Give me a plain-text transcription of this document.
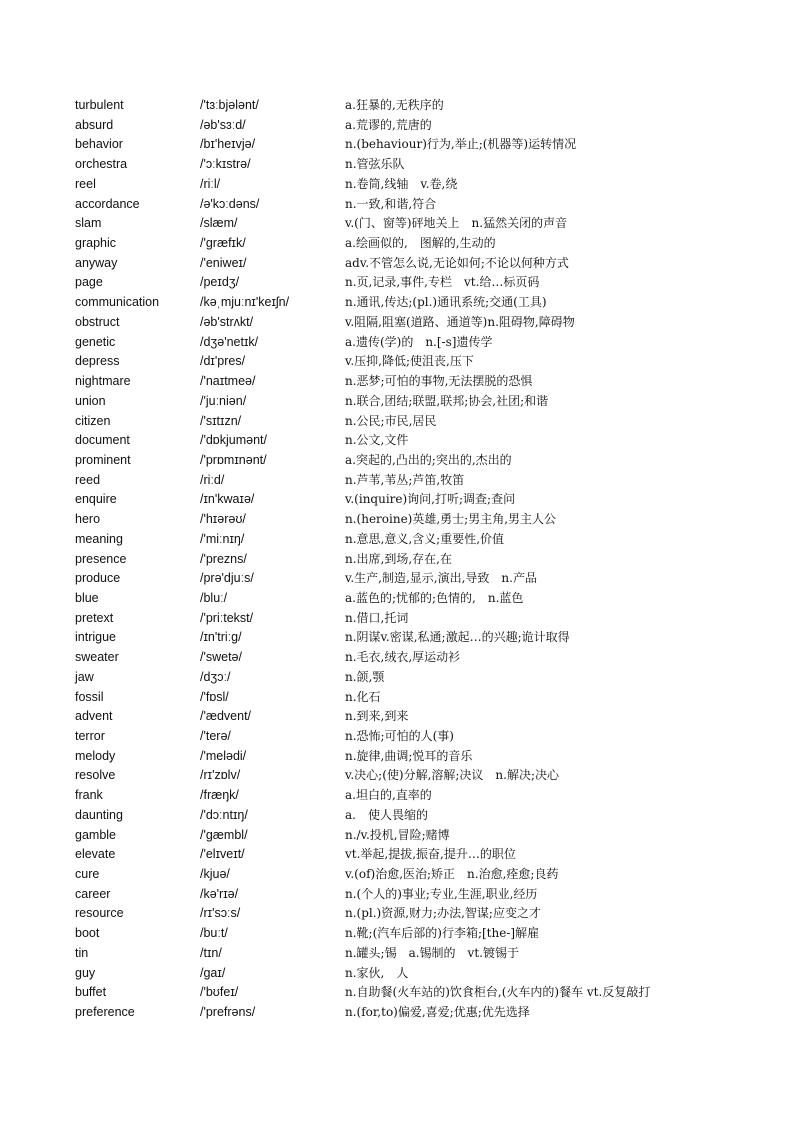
turbulent	/'tɜːbjələnt/	a.狂暴的,无秩序的
absurd	/əb'sɜːd/	a.荒谬的,荒唐的
behavior	/bɪ'heɪvjə/	n.(behaviour)行为,举止;(机器等)运转情况
orchestra	/'ɔːkɪstrə/	n.管弦乐队
reel	/riːl/	n.卷筒,线轴　v.卷,绕
accordance	/ə'kɔːdəns/	n.一致,和谐,符合
slam	/slæm/	v.(门、窗等)砰地关上　n.猛然关闭的声音
graphic	/'græfɪk/	a.绘画似的,　图解的,生动的
anyway	/'eniweɪ/	adv.不管怎么说,无论如何;不论以何种方式
page	/peɪdʒ/	n.页,记录,事件,专栏　vt.给…标页码
communication	/kəˌmjuːnɪ'keɪʃn/	n.通讯,传达;(pl.)通讯系统;交通(工具)
obstruct	/əb'strʌkt/	v.阻隔,阻塞(道路、通道等)n.阻碍物,障碍物
genetic	/dʒə'netɪk/	a.遗传(学)的　n.[-s]遗传学
depress	/dɪ'pres/	v.压抑,降低;使沮丧,压下
nightmare	/'naɪtmeə/	n.恶梦;可怕的事物,无法摆脱的恐惧
union	/'juːniən/	n.联合,团结;联盟,联邦;协会,社团;和谐
citizen	/'sɪtɪzn/	n.公民;市民,居民
document	/'dɒkjumənt/	n.公文,文件
prominent	/'prɒmɪnənt/	a.突起的,凸出的;突出的,杰出的
reed	/riːd/	n.芦苇,苇丛;芦笛,牧笛
enquire	/ɪn'kwaɪə/	v.(inquire)询问,打听;调查;查问
hero	/'hɪərəʊ/	n.(heroine)英雄,勇士;男主角,男主人公
meaning	/'miːnɪŋ/	n.意思,意义,含义;重要性,价值
presence	/'prezns/	n.出席,到场,存在,在
produce	/prə'djuːs/	v.生产,制造,显示,演出,导致　n.产品
blue	/bluː/	a.蓝色的;忧郁的;色情的,　n.蓝色
pretext	/'priːtekst/	n.借口,托词
intrigue	/ɪn'triːg/	n.阴谋v.密谋,私通;激起…的兴趣;诡计取得
sweater	/'swetə/	n.毛衣,绒衣,厚运动衫
jaw	/dʒɔː/	n.颌,颚
fossil	/'fɒsl/	n.化石
advent	/'ædvent/	n.到来,到来
terror	/'terə/	n.恐怖;可怕的人(事)
melody	/'melədi/	n.旋律,曲调;悦耳的音乐
resolve	/rɪ'zɒlv/	v.决心;(使)分解,溶解;决议　n.解决;决心
frank	/fræŋk/	a.坦白的,直率的
daunting	/'dɔːntɪŋ/	a.　使人畏缩的
gamble	/'gæmbl/	n./v.投机,冒险;赌博
elevate	/'elɪveɪt/	vt.举起,提拔,振奋,提升…的职位
cure	/kjuə/	v.(of)治愈,医治;矫正　n.治愈,痊愈;良药
career	/kə'rɪə/	n.(个人的)事业;专业,生涯,职业,经历
resource	/rɪ'sɔːs/	n.(pl.)资源,财力;办法,智谋;应变之才
boot	/buːt/	n.靴;(汽车后部的)行李箱;[the-]解雇
tin	/tɪn/	n.罐头;锡　a.锡制的　vt.镀锡于
guy	/gaɪ/	n.家伙,　人
buffet	/'bʊfeɪ/	n.自助餐(火车站的)饮食柜台,(火车内的)餐车 vt.反复敲打
preference	/'prefrəns/	n.(for,to)偏爱,喜爱;优惠;优先选择
